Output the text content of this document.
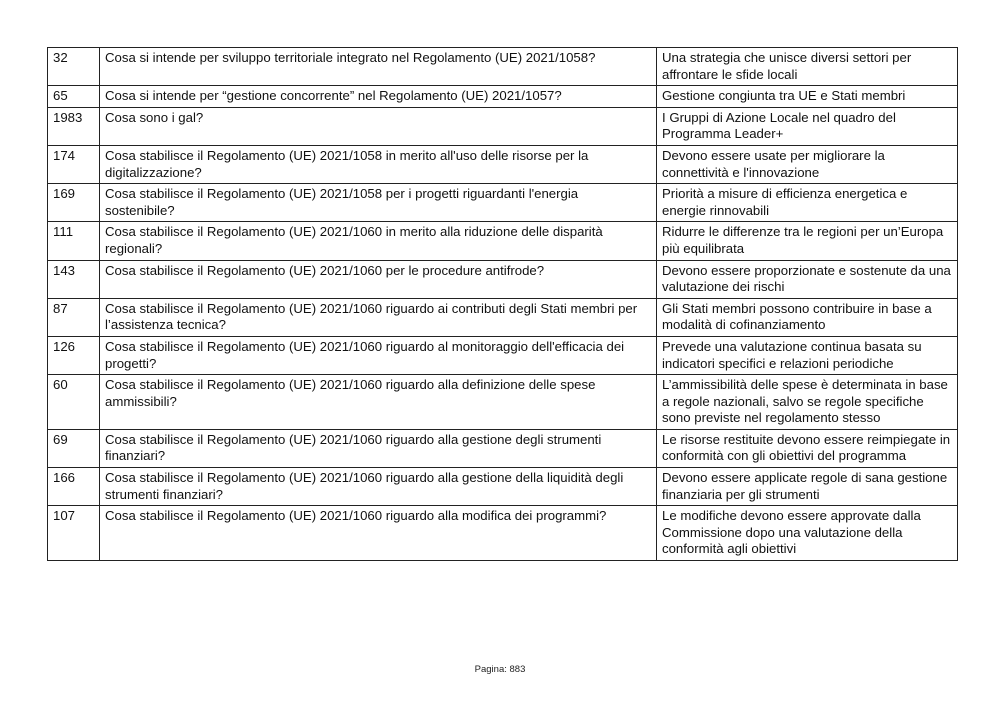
32	Cosa si intende per sviluppo territoriale integrato nel Regolamento (UE) 2021/1058?	Una strategia che unisce diversi settori per affrontare le sfide locali
65	Cosa si intende per “gestione concorrente” nel Regolamento (UE) 2021/1057?	Gestione congiunta tra UE e Stati membri
1983	Cosa sono i gal?	I Gruppi di Azione Locale nel quadro del Programma Leader+
174	Cosa stabilisce il Regolamento (UE) 2021/1058 in merito all'uso delle risorse per la digitalizzazione?	Devono essere usate per migliorare la connettività e l'innovazione
169	Cosa stabilisce il Regolamento (UE) 2021/1058 per i progetti riguardanti l'energia sostenibile?	Priorità a misure di efficienza energetica e energie rinnovabili
111	Cosa stabilisce il Regolamento (UE) 2021/1060 in merito alla riduzione delle disparità regionali?	Ridurre le differenze tra le regioni per un’Europa più equilibrata
143	Cosa stabilisce il Regolamento (UE) 2021/1060 per le procedure antifrode?	Devono essere proporzionate e sostenute da una valutazione dei rischi
87	Cosa stabilisce il Regolamento (UE) 2021/1060 riguardo ai contributi degli Stati membri per l’assistenza tecnica?	Gli Stati membri possono contribuire in base a modalità di cofinanziamento
126	Cosa stabilisce il Regolamento (UE) 2021/1060 riguardo al monitoraggio dell'efficacia dei progetti?	Prevede una valutazione continua basata su indicatori specifici e relazioni periodiche
60	Cosa stabilisce il Regolamento (UE) 2021/1060 riguardo alla definizione delle spese ammissibili?	L’ammissibilità delle spese è determinata in base a regole nazionali, salvo se regole specifiche sono previste nel regolamento stesso
69	Cosa stabilisce il Regolamento (UE) 2021/1060 riguardo alla gestione degli strumenti finanziari?	Le risorse restituite devono essere reimpiegate in conformità con gli obiettivi del programma
166	Cosa stabilisce il Regolamento (UE) 2021/1060 riguardo alla gestione della liquidità degli strumenti finanziari?	Devono essere applicate regole di sana gestione finanziaria per gli strumenti
107	Cosa stabilisce il Regolamento (UE) 2021/1060 riguardo alla modifica dei programmi?	Le modifiche devono essere approvate dalla Commissione dopo una valutazione della conformità agli obiettivi
Pagina: 883
